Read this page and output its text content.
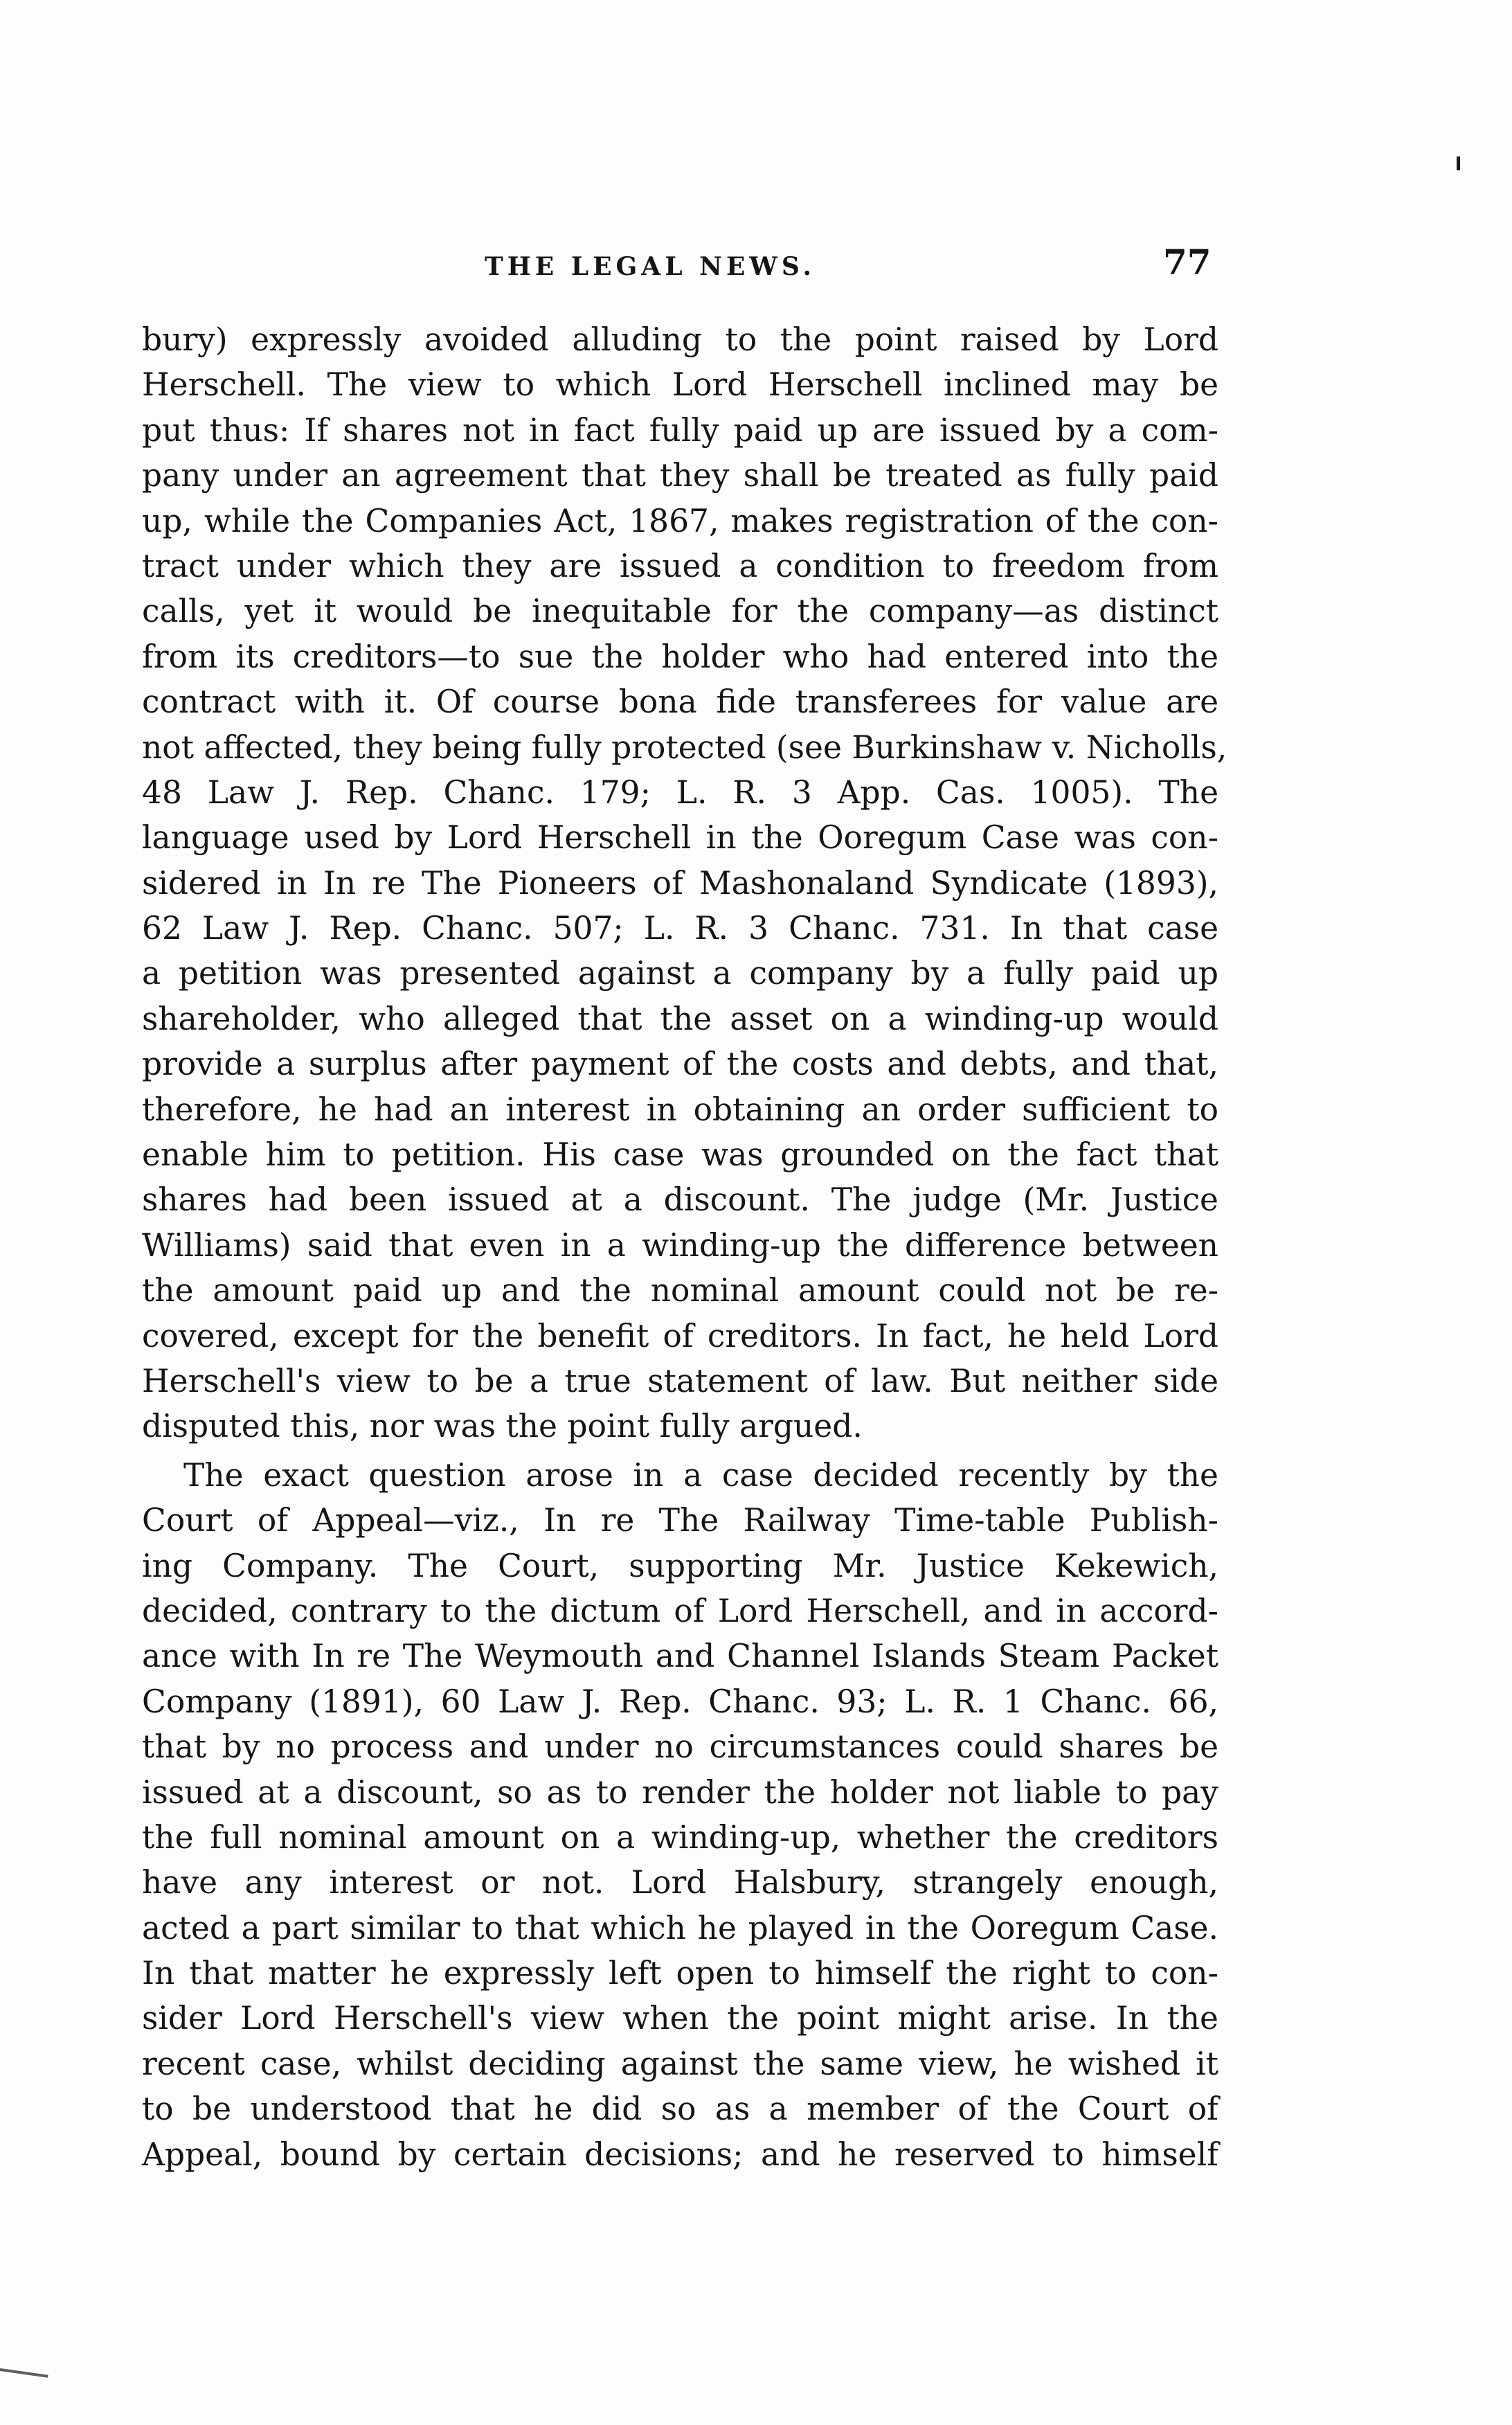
THE LEGAL NEWS.	77
bury) expressly avoided alluding to the point raised by Lord
Herschell. The view to which Lord Herschell inclined may be
put thus: If shares not in fact fully paid up are issued by a com-
pany under an agreement that they shall be treated as fully paid
up, while the Companies Act, 1867, makes registration of the con-
tract under which they are issued a condition to freedom from
calls, yet it would be inequitable for the company—as distinct
from its creditors—to sue the holder who had entered into the
contract with it. Of course bona fide transferees for value are
not affected, they being fully protected (see Burkinshaw v. Nicholls,
48 Law J. Rep. Chanc. 179; L. R. 3 App. Cas. 1005). The
language used by Lord Herschell in the Ooregum Case was con-
sidered in In re The Pioneers of Mashonaland Syndicate (1893),
62 Law J. Rep. Chanc. 507; L. R. 3 Chanc. 731. In that case
a petition was presented against a company by a fully paid up
shareholder, who alleged that the asset on a winding-up would
provide a surplus after payment of the costs and debts, and that,
therefore, he had an interest in obtaining an order sufficient to
enable him to petition. His case was grounded on the fact that
shares had been issued at a discount. The judge (Mr. Justice
Williams) said that even in a winding-up the difference between
the amount paid up and the nominal amount could not be re-
covered, except for the benefit of creditors. In fact, he held Lord
Herschell's view to be a true statement of law. But neither side
disputed this, nor was the point fully argued.
The exact question arose in a case decided recently by the
Court of Appeal—viz., In re The Railway Time-table Publish-
ing Company. The Court, supporting Mr. Justice Kekewich,
decided, contrary to the dictum of Lord Herschell, and in accord-
ance with In re The Weymouth and Channel Islands Steam Packet
Company (1891), 60 Law J. Rep. Chanc. 93; L. R. 1 Chanc. 66,
that by no process and under no circumstances could shares be
issued at a discount, so as to render the holder not liable to pay
the full nominal amount on a winding-up, whether the creditors
have any interest or not. Lord Halsbury, strangely enough,
acted a part similar to that which he played in the Ooregum Case.
In that matter he expressly left open to himself the right to con-
sider Lord Herschell's view when the point might arise. In the
recent case, whilst deciding against the same view, he wished it
to be understood that he did so as a member of the Court of
Appeal, bound by certain decisions; and he reserved to himself
